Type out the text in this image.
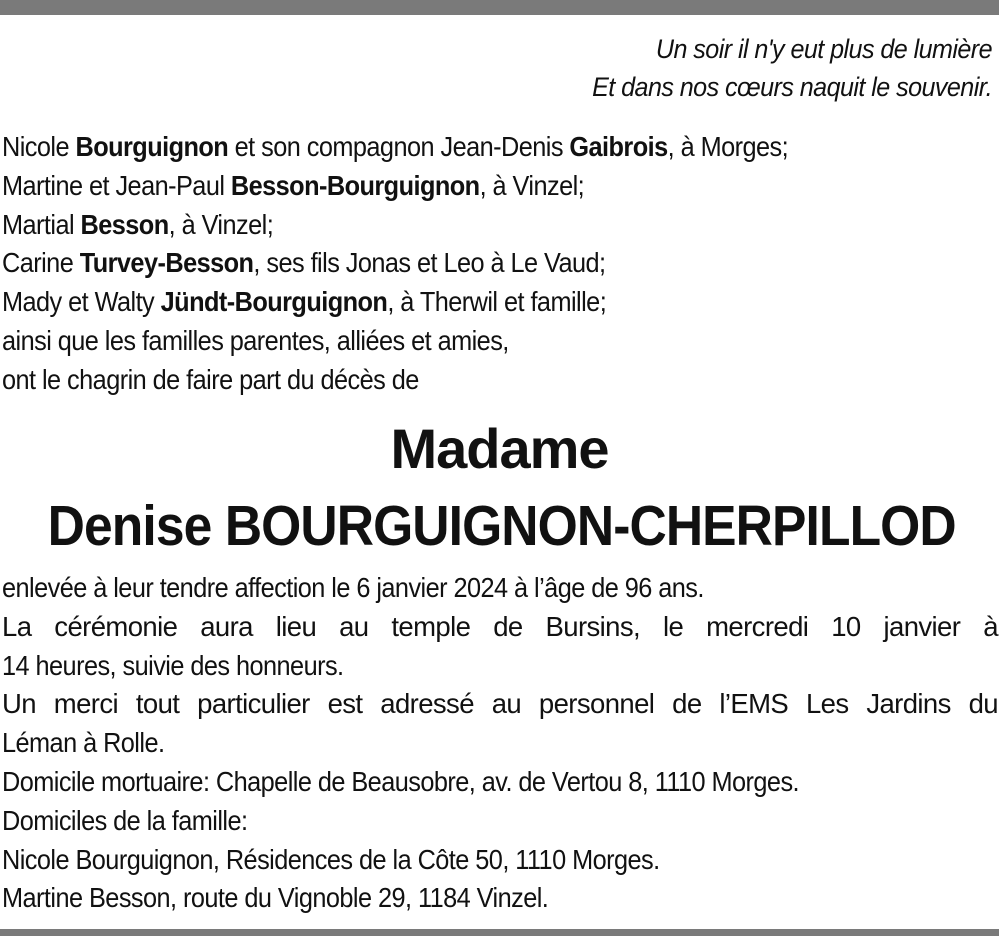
Un soir il n'y eut plus de lumière
Et dans nos cœurs naquit le souvenir.
Nicole Bourguignon et son compagnon Jean-Denis Gaibrois, à Morges;
Martine et Jean-Paul Besson-Bourguignon, à Vinzel;
Martial Besson, à Vinzel;
Carine Turvey-Besson, ses fils Jonas et Leo à Le Vaud;
Mady et Walty Jündt-Bourguignon, à Therwil et famille;
ainsi que les familles parentes, alliées et amies,
ont le chagrin de faire part du décès de
Madame
Denise BOURGUIGNON-CHERPILLOD
enlevée à leur tendre affection le 6 janvier 2024 à l’âge de 96 ans.
La cérémonie aura lieu au temple de Bursins, le mercredi 10 janvier à
14 heures, suivie des honneurs.
Un merci tout particulier est adressé au personnel de l’EMS Les Jardins du
Léman à Rolle.
Domicile mortuaire: Chapelle de Beausobre, av. de Vertou 8, 1110 Morges.
Domiciles de la famille:
Nicole Bourguignon, Résidences de la Côte 50, 1110 Morges.
Martine Besson, route du Vignoble 29, 1184 Vinzel.
